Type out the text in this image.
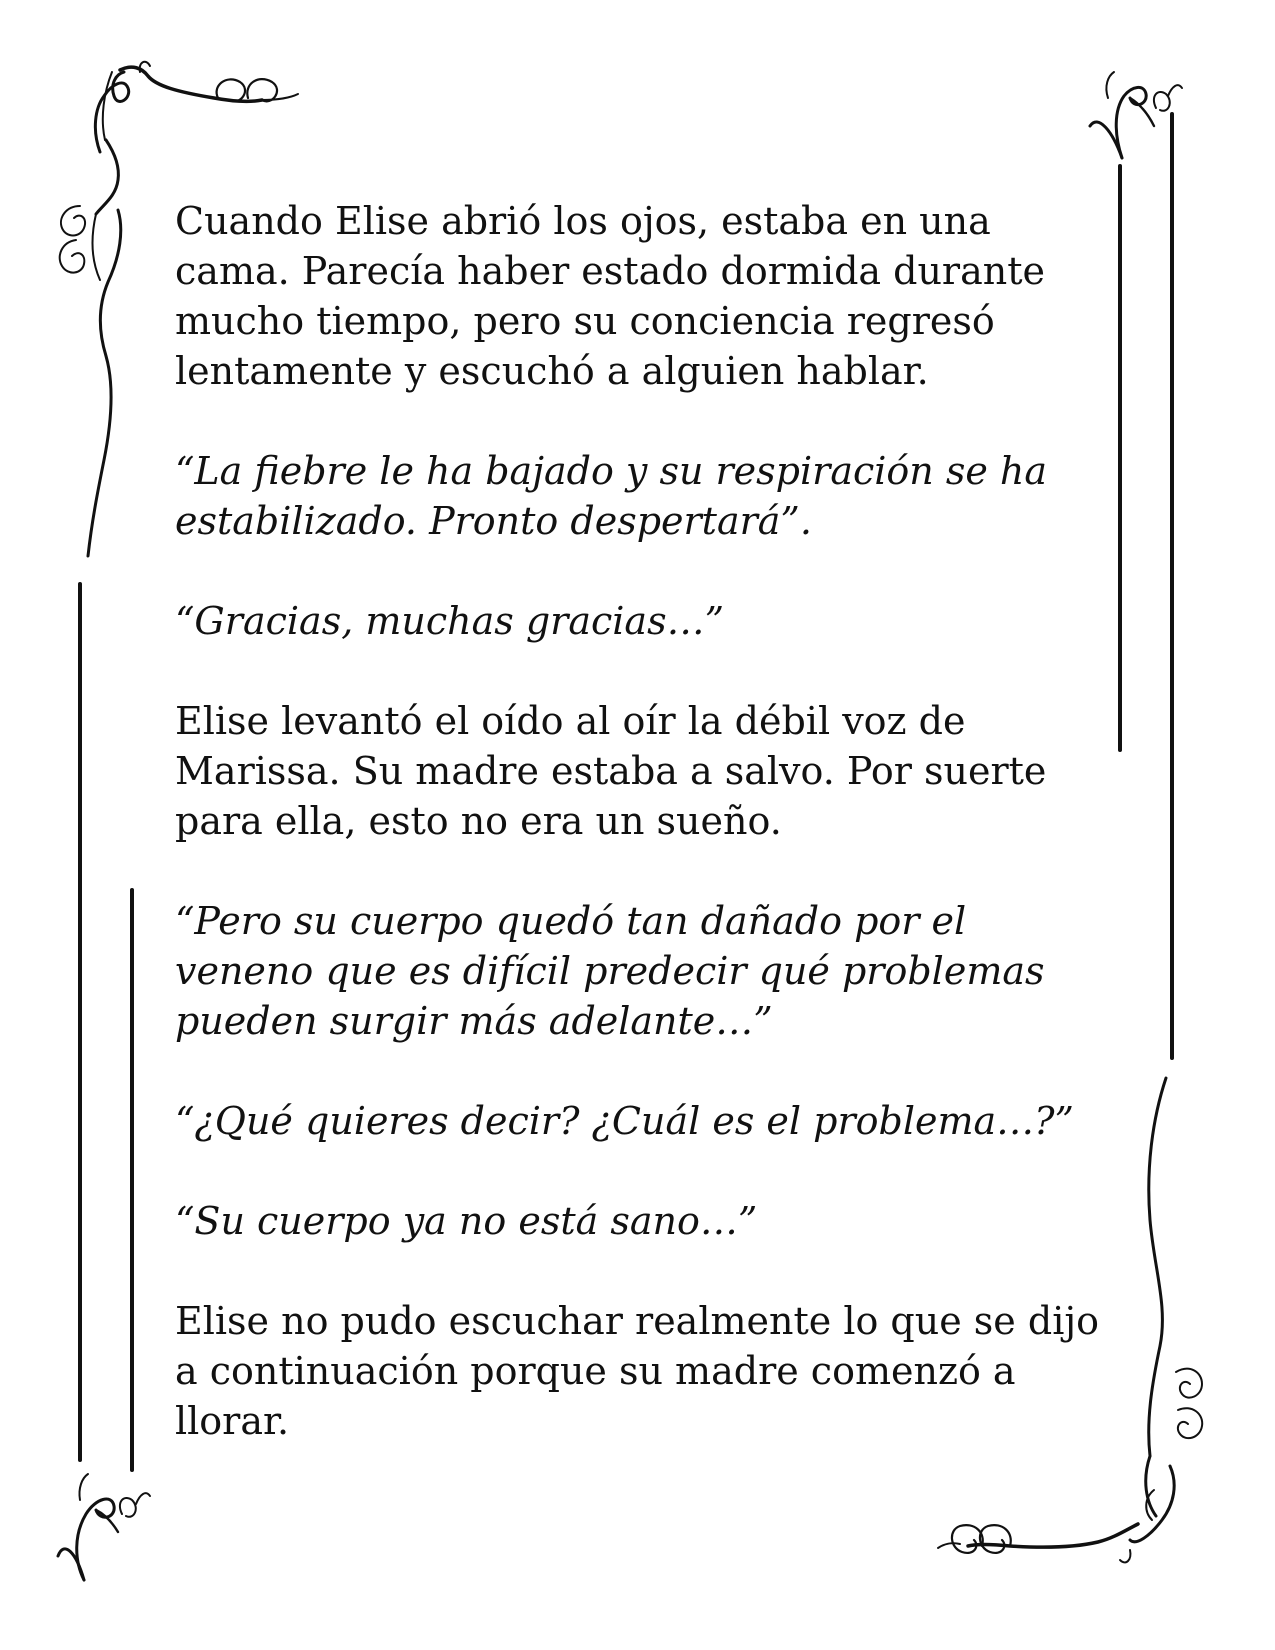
Cuando Elise abrió los ojos, estaba en una
cama. Parecía haber estado dormida durante
mucho tiempo, pero su conciencia regresó
lentamente y escuchó a alguien hablar.

“La fiebre le ha bajado y su respiración se ha
estabilizado. Pronto despertará”.

“Gracias, muchas gracias…”

Elise levantó el oído al oír la débil voz de
Marissa. Su madre estaba a salvo. Por suerte
para ella, esto no era un sueño.

“Pero su cuerpo quedó tan dañado por el
veneno que es difícil predecir qué problemas
pueden surgir más adelante…”

“¿Qué quieres decir? ¿Cuál es el problema…?”

“Su cuerpo ya no está sano…”

Elise no pudo escuchar realmente lo que se dijo
a continuación porque su madre comenzó a
llorar.
